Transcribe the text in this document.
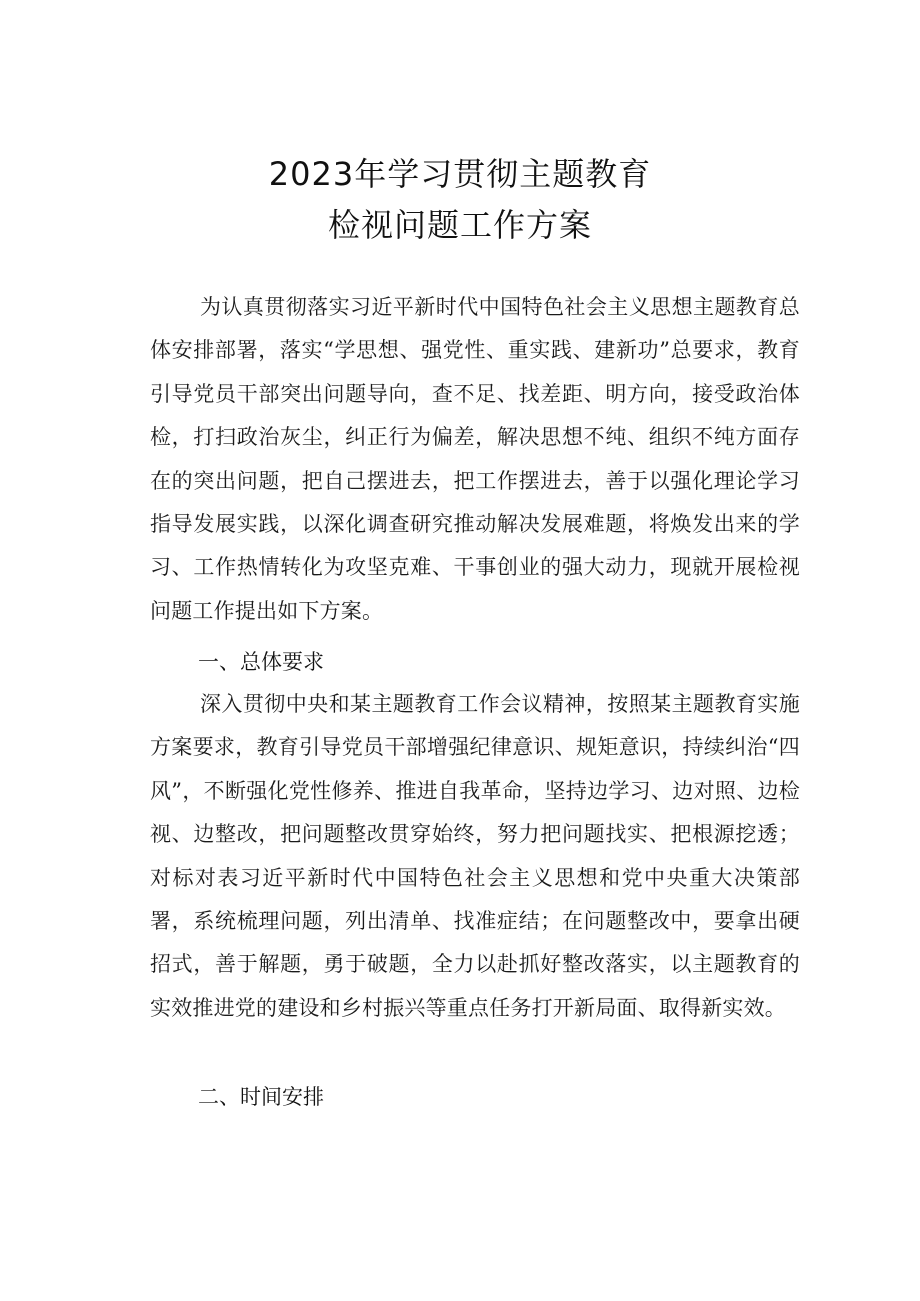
2023年学习贯彻主题教育
检视问题工作方案

为认真贯彻落实习近平新时代中国特色社会主义思想主题教育总体安排部署，落实“学思想、强党性、重实践、建新功”总要求，教育引导党员干部突出问题导向，查不足、找差距、明方向，接受政治体检，打扫政治灰尘，纠正行为偏差，解决思想不纯、组织不纯方面存在的突出问题，把自己摆进去，把工作摆进去，善于以强化理论学习指导发展实践，以深化调查研究推动解决发展难题，将焕发出来的学习、工作热情转化为攻坚克难、干事创业的强大动力，现就开展检视问题工作提出如下方案。

一、总体要求

深入贯彻中央和某主题教育工作会议精神，按照某主题教育实施方案要求，教育引导党员干部增强纪律意识、规矩意识，持续纠治“四风”，不断强化党性修养、推进自我革命，坚持边学习、边对照、边检视、边整改，把问题整改贯穿始终，努力把问题找实、把根源挖透；对标对表习近平新时代中国特色社会主义思想和党中央重大决策部署，系统梳理问题，列出清单、找准症结；在问题整改中，要拿出硬招式，善于解题，勇于破题，全力以赴抓好整改落实，以主题教育的实效推进党的建设和乡村振兴等重点任务打开新局面、取得新实效。

二、时间安排
